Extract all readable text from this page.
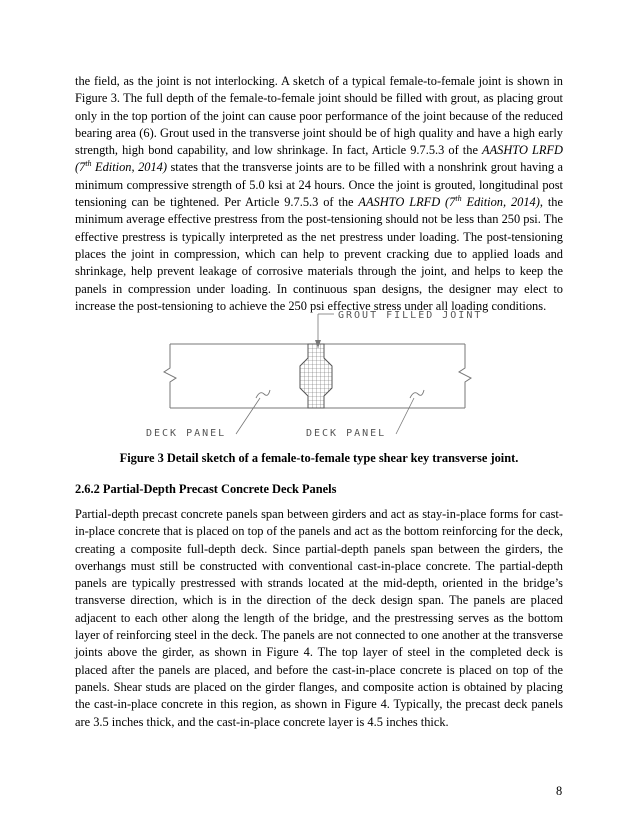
the field, as the joint is not interlocking. A sketch of a typical female-to-female joint is shown in Figure 3. The full depth of the female-to-female joint should be filled with grout, as placing grout only in the top portion of the joint can cause poor performance of the joint because of the reduced bearing area (6). Grout used in the transverse joint should be of high quality and have a high early strength, high bond capability, and low shrinkage. In fact, Article 9.7.5.3 of the AASHTO LRFD (7th Edition, 2014) states that the transverse joints are to be filled with a nonshrink grout having a minimum compressive strength of 5.0 ksi at 24 hours. Once the joint is grouted, longitudinal post tensioning can be tightened. Per Article 9.7.5.3 of the AASHTO LRFD (7th Edition, 2014), the minimum average effective prestress from the post-tensioning should not be less than 250 psi. The effective prestress is typically interpreted as the net prestress under loading. The post-tensioning places the joint in compression, which can help to prevent cracking due to applied loads and shrinkage, help prevent leakage of corrosive materials through the joint, and helps to keep the panels in compression under loading. In continuous span designs, the designer may elect to increase the post-tensioning to achieve the 250 psi effective stress under all loading conditions.

GROUT FILLED JOINT
DECK PANEL	DECK PANEL

Figure 3 Detail sketch of a female-to-female type shear key transverse joint.

2.6.2 Partial-Depth Precast Concrete Deck Panels

Partial-depth precast concrete panels span between girders and act as stay-in-place forms for cast-in-place concrete that is placed on top of the panels and act as the bottom reinforcing for the deck, creating a composite full-depth deck. Since partial-depth panels span between the girders, the overhangs must still be constructed with conventional cast-in-place concrete. The partial-depth panels are typically prestressed with strands located at the mid-depth, oriented in the bridge’s transverse direction, which is in the direction of the deck design span. The panels are placed adjacent to each other along the length of the bridge, and the prestressing serves as the bottom layer of reinforcing steel in the deck. The panels are not connected to one another at the transverse joints above the girder, as shown in Figure 4. The top layer of steel in the completed deck is placed after the panels are placed, and before the cast-in-place concrete is placed on top of the panels. Shear studs are placed on the girder flanges, and composite action is obtained by placing the cast-in-place concrete in this region, as shown in Figure 4. Typically, the precast deck panels are 3.5 inches thick, and the cast-in-place concrete layer is 4.5 inches thick.

8
